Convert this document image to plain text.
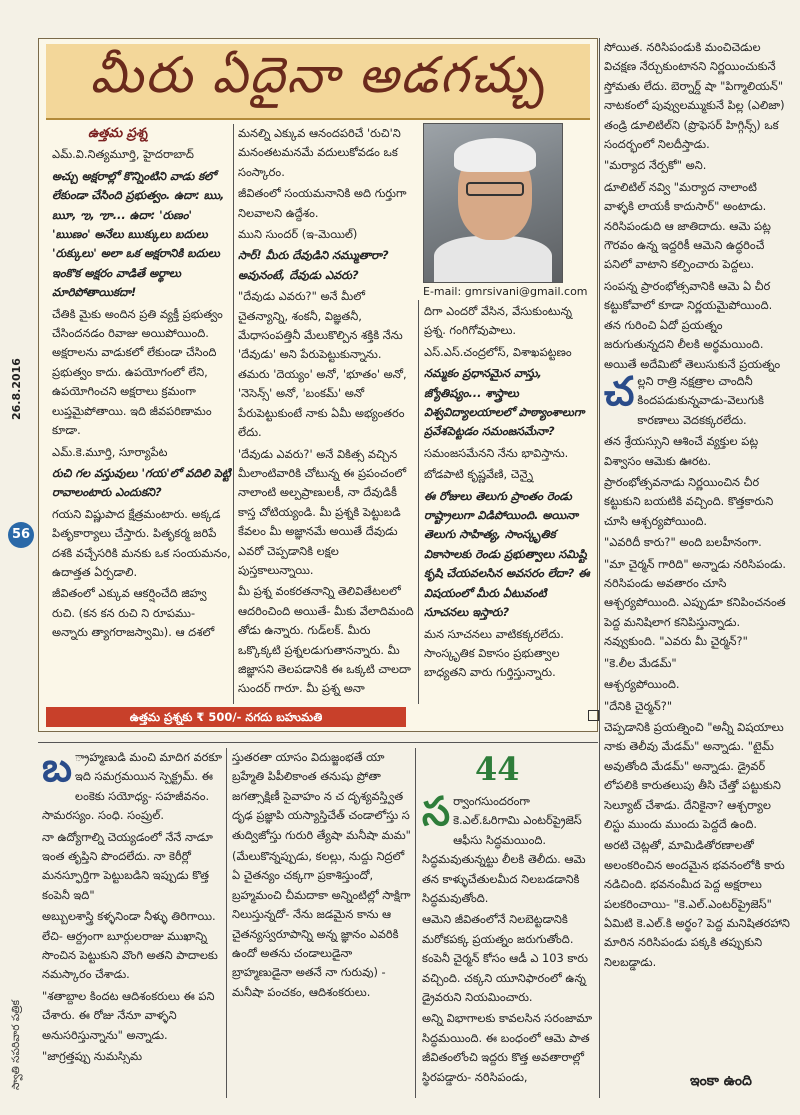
మీరు ఏదైనా అడగచ్చు

ఉత్తమ ప్రశ్న

ఎమ్.వి.నిత్యమూర్తి, హైదరాబాద్

అచ్చు అక్షరాల్లో కొన్నింటిని వాడు కలో లేకుండా చేసింది ప్రభుత్వం. ఉదా: ఋ, ౠ, ఌ, ౡ... ఉదా: 'రుణం' 'ఋణం' అనేలు ఋక్కులు బదులు 'రుక్కులు' అలా ఒక అక్షరానికి బదులు ఇంకొక అక్షరం వాడితే అర్థాలు మారిపోతాయికదా!

చేతికి మైకు అందిన ప్రతి వ్యక్తీ ప్రభుత్వం చేసిందనడం రివాజు అయిపోయింది. అక్షరాలను వాడుకలో లేకుండా చేసింది ప్రభుత్వం కాదు. ఉపయోగంలో లేని, ఉపయోగించని అక్షరాలు క్రమంగా లుప్తమైపోతాయి. ఇది జీవపరిణామం కూడా.

ఎమ్.కె.మూర్తి, సూర్యాపేట

రుచి గల వస్తువులు 'గయ'లో వదిలి పెట్టి రావాలంటారు ఎందుకని?

గయని విష్ణుపాద క్షేత్రమంటారు. అక్కడ పితృకార్యాలు చేస్తారు. పితృకర్మ జరిపే దశకి వచ్చేసరికి మనకు ఒక సంయమనం, ఉదాత్తత ఏర్పడాలి.

జీవితంలో ఎక్కువ ఆకర్షించేది జిహ్వ రుచి. (కన కన రుచి ని రూపము- అన్నారు త్యాగరాజస్వామి). ఆ దశలో

మనల్ని ఎక్కువ ఆనందపరిచే 'రుచి'ని మనంతటమనమే వదులుకోవడం ఒక సంస్కారం.

జీవితంలో సంయమనానికి అది గుర్తుగా నిలవాలని ఉద్దేశం.

ముని సుందర్ (ఇ-మెయిల్)

సార్! మీరు దేవుడిని నమ్ముతారా? అవునంటే, దేవుడు ఎవరు?

"దేవుడు ఎవరు?" అనే మీలో చైతన్యాన్ని, శంకనీ, విజ్ఞతనీ, మేధాసంపత్తినీ మేలుకొల్పిన శక్తికి నేను 'దేవుడు' అని పేరుపెట్టుకున్నాను. తమరు 'దెయ్యం' అనో, 'భూతం' అనో, 'నెసెన్స్' అనో, 'బంకమ్' అనో పేరుపెట్టుకుంటే నాకు ఏమీ అభ్యంతరం లేదు.

'దేవుడు ఎవరు?' అనే వికిత్స వచ్చిన మీలాంటివారికి చోటున్న ఈ ప్రపంచంలో నాలాంటి అల్పప్రాణులకీ, నా దేవుడికీ కాస్త చోటియ్యండి. మీ ప్రశ్నకి పెట్టుబడి కేవలం మీ అజ్ఞానమే అయితే దేవుడు ఎవరో చెప్పడానికి లక్షల పుస్తకాలున్నాయి.

మీ ప్రశ్న వంకరతనాన్ని తెలివితేటలలో ఆదరించింది అయితే- మీకు వేలాదిమంది తోడు ఉన్నారు. గుడ్‌లక్. మీరు ఒక్కొక్కటి ప్రశ్నలడుగుతానన్నారు. మీ జిజ్ఞాసని తెలపడానికి ఈ ఒక్కటి చాలదా సుందర్ గారూ. మీ ప్రశ్న అనా

E-mail: gmrsivani@gmail.com

దిగా ఎందరో వేసిన, వేసుకుంటున్న ప్రశ్న. గంగిగోవుపాలు.

ఎస్.ఎస్.చంద్రలోస్, విశాఖపట్టణం

నమ్మకం ప్రధానమైన వాస్తు, జ్యోతిష్యం... శాస్త్రాలు విశ్వవిద్యాలయాలలో పాఠ్యాంశాలుగా ప్రవేశపెట్టడం సమంజసమేనా?

సమంజసమేనని నేను భావిస్తాను.

బోడపాటి కృష్ణవేణి, చెన్నై

ఈ రోజులు తెలుగు ప్రాంతం రెండు రాష్ట్రాలుగా విడిపోయింది. అయినా తెలుగు సాహిత్య, సాంస్కృతిక వికాసాలకు రెండు ప్రభుత్వాలు సమిష్టి కృషి చేయవలసిన అవసరం లేదా? ఈ విషయంలో మీరు ఏటువంటి సూచనలు ఇస్తారు?

మన సూచనలు వాటికక్కరలేదు. సాంస్కృతిక వికాసం ప్రభుత్వాల బాధ్యతని వారు గుర్తిస్తున్నారు.

ఉత్తమ ప్రశ్నకు ₹ 500/- నగదు బహుమతి
26.8.2016
56
స్వాతి సపరివార పత్రిక

సోయిత. నరిసిపండుకి మంచిచెడుల విచక్షణ నేర్చుకుంటానని నిర్ణయించుకునే స్తోమతు లేదు. బెర్నార్డ్ షా "పిగ్మాలియన్" నాటకంలో పువ్వులమ్ముకునే పిల్ల (ఎలిజా) తండ్రి డూలిటిల్‌ని (ప్రొఫెసర్ హిగ్గిన్స్) ఒక సందర్భంలో నిలదీస్తాడు.

"మర్యాద నేర్పకో" అని.

డూలిటిల్ నవ్వి "మర్యాద నాలాంటి వాళ్ళకి లాయకీ కాదుసార్" అంటాడు. నరిసిపండుది ఆ జాతిదాదు. ఆమె పట్ల గౌరవం ఉన్న ఇద్దరికీ ఆమెని ఉద్ధరించే పనిలో వాటాని కల్పించారు పెద్దలు.

సంపన్న ప్రారంభోత్సవానికి ఆమె ఏ చీర కట్టుకోవాలో కూడా నిర్ణయమైపోయింది. తన గురించి ఏదో ప్రయత్నం జరుగుతున్నదని లీలకి అర్థమయింది. అయితే అదేమిటో తెలుసుకునే ప్రయత్నం

చల్లని రాత్రి నక్షత్రాల చాందినీ కిందపడుకున్నవాడు-వెలుగుకి కారణాలు వెదకక్కరలేదు.

తన శ్రేయస్సుని ఆశించే వ్యక్తుల పట్ల విశ్వాసం ఆమెకు ఊరట.

ప్రారంభోత్సవనాడు నిర్ణయించిన చీర కట్టుకుని బయటికి వచ్చింది. కొత్తకారుని చూసి ఆశ్చర్యపోయింది.

"ఎవరిదీ కారు?" అంది బలహీనంగా.

"మా చైర్మన్ గారిది" అన్నాడు నరిసిపండు. నరిసిపండు అవతారం చూసి ఆశ్చర్యపోయింది. ఎప్పుడూ కనిపించనంత పెద్ద మనిషిలాగ కనిపిస్తున్నాడు. నవ్వుకుంది. "ఎవరు మీ చైర్మన్?"

"కె.లీల మేడమ్"

ఆశ్చర్యపోయింది.

"దేనికి చైర్మన్?"

చెప్పడానికి ప్రయత్నించి "అన్నీ విషయాలు నాకు తెలీవు మేడమ్" అన్నాడు. "టైమ్ అవుతోంది మేడమ్" అన్నాడు. డ్రైవర్ లోపలికి కారుతలుపు తీసి చేత్తో పట్టుకుని సెల్యూట్ చేశాడు. దేనికైనా? ఆశ్చర్యాల లిస్టు ముందు ముందు పెద్దదే ఉంది.

అరటి చెట్లతో, మామిడితోరణాలతో అలంకరించిన అందమైన భవనంలోకి కారు నడిచింది. భవనంమీద పెద్ద అక్షరాలు పలకరించాయి- "కె.ఎల్.ఎంటర్‌ప్రైజెస్" ఏమిటి కె.ఎల్.కి అర్థం? పెద్ద మనిషితరహాని మారిన నరిసిపండు పక్కకి తప్పుకుని నిలబడ్డాడు.

ఇంకా ఉంది

బ ్రాహ్మణుడి మంచి మాదిగ వరకూ ఇది సమగ్రమయిన స్పెక్ట్రమ్. ఈ లంకెకు సయోధ్య- సహజీవనం. సామరస్యం. సంధి. సంప్రుల్.

నా ఉద్యోగాల్ని చెయ్యడంలో నేనే నాడూ ఇంత తృప్తిని పొందలేదు. నా కెరీర్లో మనస్ఫూర్తిగా పెట్టుబడిని ఇప్పుడు కొత్త కంపెనీ ఇది"

అబ్బులశాస్త్రి కళ్ళనిండా నీళ్ళు తిరిగాయి. లేచి- ఆర్ద్రంగా బూర్గులరాజు ముఖాన్ని సొంచిన పెట్టుకుని వొంగి అతని పాదాలకు నమస్కారం చేశాడు.

"శతాబ్దాల కిందట ఆదిశంకరులు ఈ పని చేశారు. ఈ రోజు నేనూ వాళ్ళని అనుసరిస్తున్నాను" అన్నాడు.

"జాగ్రత్తప్పు నుమస్సిమ

స్తుతరతా యాసం విదుజ్జంభతే యా బ్రహ్మేతి పిపీలికాంత తనుషు ప్రోతా జగత్సాక్షిణీ సైవాహం న చ దృశ్యవస్త్విత దృఢ ప్రజ్ఞాపి యస్యాస్తిచేత్ చండాలోస్తు స తుద్విజోస్తు గురురి త్యేషా మనీషా మమ"

(మేలుకొన్నప్పుడు, కలల్లు, నుద్దు నిద్రలో ఏ చైతన్యం చక్కగా ప్రకాశిస్తుందో, బ్రహ్మమంచి చీమదాకా అన్నింటిల్లో సాక్షిగా నిలుస్తున్నదో- నేను జడమైన కాను ఆ చైతన్యస్వరూపాన్ని అన్న జ్ఞానం ఎవరికి ఉందో అతను చండాలుడైనా బ్రాహ్మణుడైనా అతనే నా గురువు) - మనీషా పంచకం, ఆదిశంకరులు.

44

సర్వాంగసుందరంగా కె.ఎల్.ఓరిగామి ఎంటర్‌ప్రైజెస్ ఆఫీసు సిద్ధమయింది. సిద్ధమవుతున్నట్టు లీలకి తెలీదు. ఆమె తన కాళ్ళుచేతులమీద నిలబడడానికి సిద్ధమవుతోంది.

ఆమెని జీవితంలోనే నిలబెట్టడానికి మరోకపక్క ప్రయత్నం జరుగుతోంది. కంపెనీ చైర్మన్ కోసం ఆడీ ఎ 103 కారు వచ్చింది. చక్కని యూనిఫారంలో ఉన్న డ్రైవరుని నియమించారు.

అన్ని విభాగాలకు కావలసిన సరంజామా సిద్ధమయింది. ఈ బంధంలో ఆమె పాత జీవితంలోంచి ఇద్దరు కొత్త అవతారాల్లో స్థిరపడ్డారు- నరిసిపండు,
